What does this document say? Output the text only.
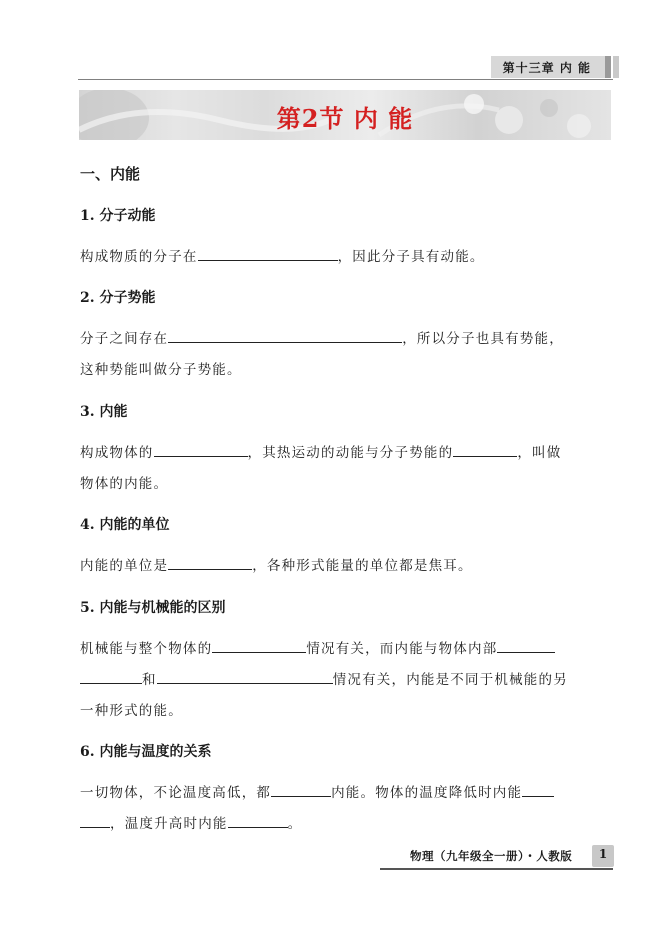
第十三章 内 能
第2节 内 能
一、内能
1. 分子动能
构成物质的分子在	，因此分子具有动能。
2. 分子势能
分子之间存在	，所以分子也具有势能，
这种势能叫做分子势能。
3. 内能
构成物体的	，其热运动的动能与分子势能的	，叫做
物体的内能。
4. 内能的单位
内能的单位是	，各种形式能量的单位都是焦耳。
5. 内能与机械能的区别
机械能与整个物体的	情况有关，而内能与物体内部
和	情况有关，内能是不同于机械能的另
一种形式的能。
6. 内能与温度的关系
一切物体，不论温度高低，都	内能。物体的温度降低时内能
，温度升高时内能	。
物理（九年级全一册）・人教版	1
